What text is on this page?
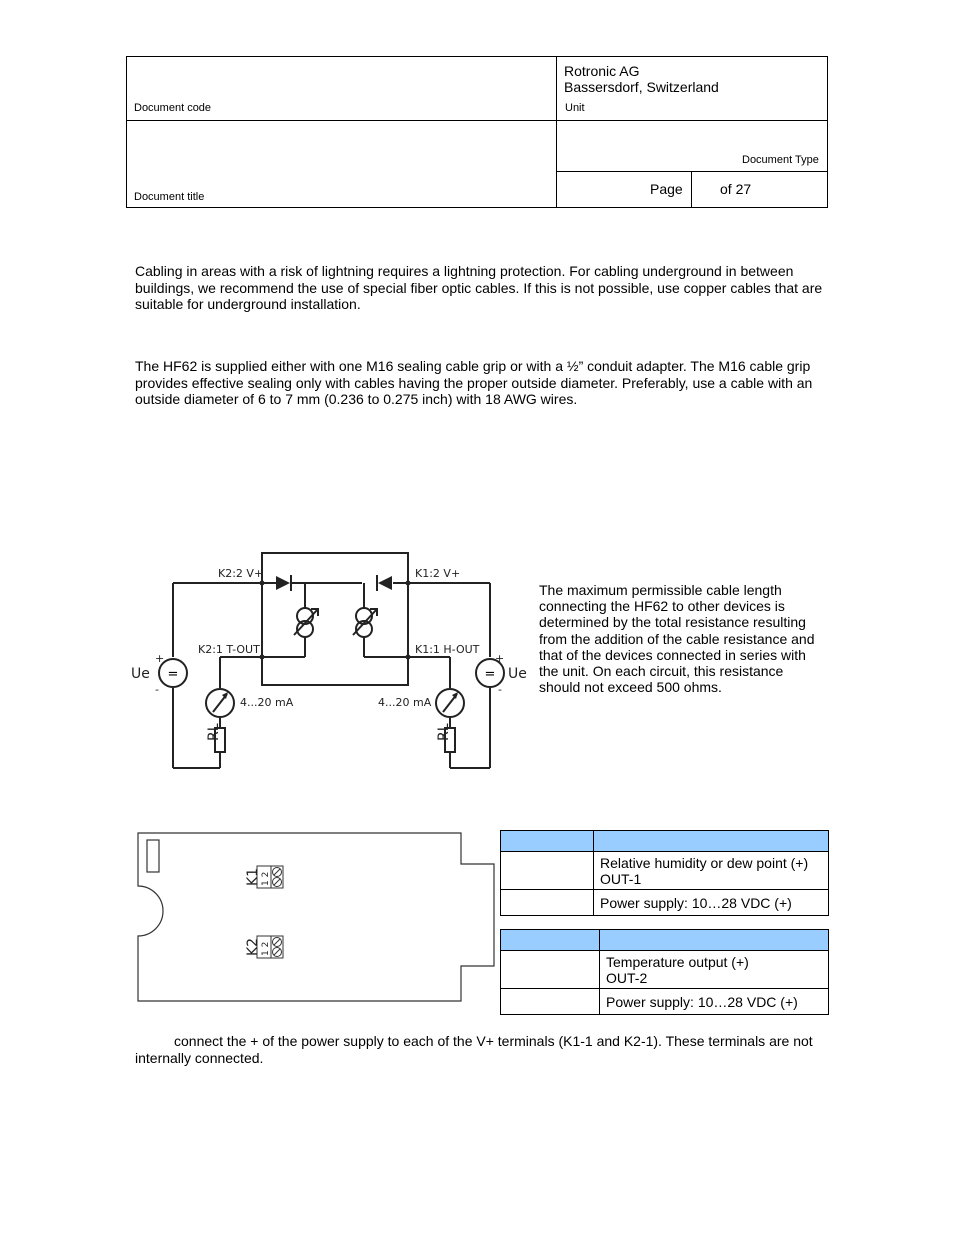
Document code
Rotronic AG
Bassersdorf, Switzerland
Unit
Document Type
Document title	Page	of 27
Cabling in areas with a risk of lightning requires a lightning protection. For cabling underground in between buildings, we recommend the use of special fiber optic cables. If this is not possible, use copper cables that are suitable for underground installation.
The HF62 is supplied either with one M16 sealing cable grip or with a ½” conduit adapter. The M16 cable grip provides effective sealing only with cables having the proper outside diameter. Preferably, use a cable with an outside diameter of 6 to 7 mm (0.236 to 0.275 inch) with 18 AWG wires.
=	=
K2:2 V+	K1:2 V+
K2:1 T-OUT	K1:1 H-OUT
4...20 mA	4...20 mA
+
-
+
-
Ue	Ue
RL	RL
The maximum permissible cable length connecting the HF62 to other devices is determined by the total resistance resulting from the addition of the cable resistance and that of the devices connected in series with the unit. On each circuit, this resistance should not exceed 500 ohms.
K1
K2
1 2
1 2

	Relative humidity or dew point (+)
OUT-1
	Power supply: 10…28 VDC (+)

	Temperature output (+)
OUT-2
	Power supply: 10…28 VDC (+)
connect the + of the power supply to each of the V+ terminals (K1-1 and K2-1). These terminals are not internally connected.
